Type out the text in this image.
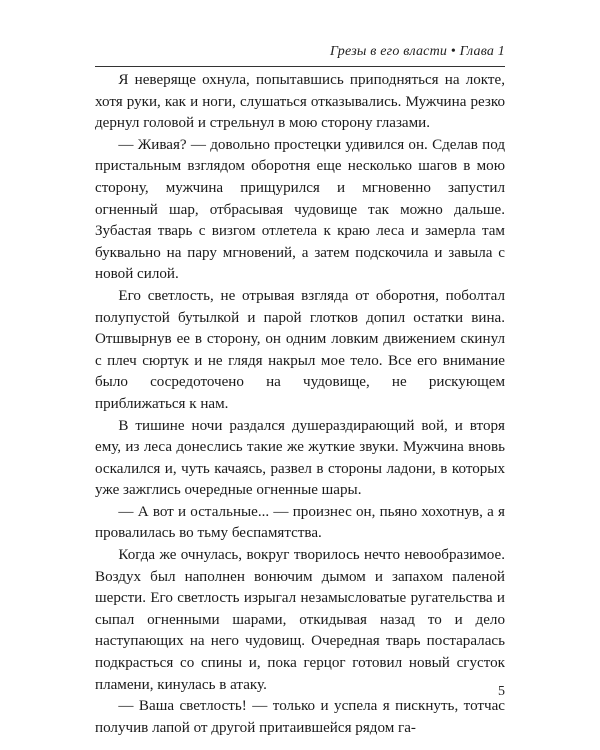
Грезы в его власти • Глава 1

Я неверяще охнула, попытавшись приподняться на локте, хотя руки, как и ноги, слушаться отказывались. Мужчина резко дернул головой и стрельнул в мою сторону глазами.

— Живая? — довольно простецки удивился он. Сделав под пристальным взглядом оборотня еще несколько шагов в мою сторону, мужчина прищурился и мгновенно запустил огненный шар, отбрасывая чудовище так можно дальше. Зубастая тварь с визгом отлетела к краю леса и замерла там буквально на пару мгновений, а затем подскочила и завыла с новой силой.

Его светлость, не отрывая взгляда от оборотня, поболтал полупустой бутылкой и парой глотков допил остатки вина. Отшвырнув ее в сторону, он одним ловким движением скинул с плеч сюртук и не глядя накрыл мое тело. Все его внимание было сосредоточено на чудовище, не рискующем приближаться к нам.

В тишине ночи раздался душераздирающий вой, и вторя ему, из леса донеслись такие же жуткие звуки. Мужчина вновь оскалился и, чуть качаясь, развел в стороны ладони, в которых уже зажглись очередные огненные шары.

— А вот и остальные... — произнес он, пьяно хохотнув, а я провалилась во тьму беспамятства.

Когда же очнулась, вокруг творилось нечто невообразимое. Воздух был наполнен вонючим дымом и запахом паленой шерсти. Его светлость изрыгал незамысловатые ругательства и сыпал огненными шарами, откидывая назад то и дело наступающих на него чудовищ. Очередная тварь постаралась подкрасться со спины и, пока герцог готовил новый сгусток пламени, кинулась в атаку.

— Ваша светлость! — только и успела я пискнуть, тотчас получив лапой от другой притаившейся рядом га-

5
